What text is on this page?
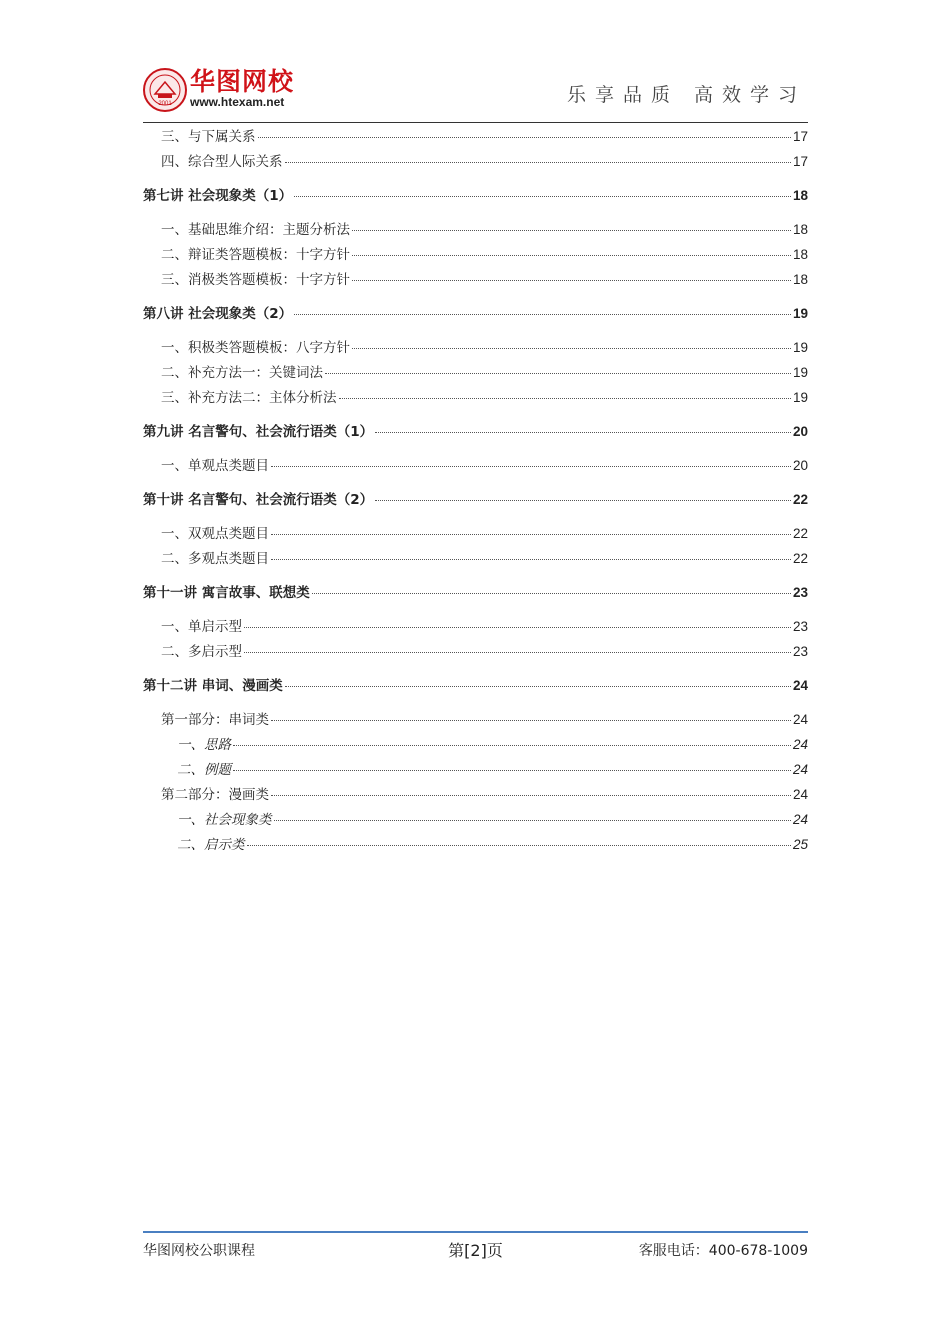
2001
华图网校
www.htexam.net	乐享品质 高效学习
三、与下属关系	17
四、综合型人际关系	17
第七讲 社会现象类（1）	18
一、基础思维介绍：主题分析法	18
二、辩证类答题模板：十字方针	18
三、消极类答题模板：十字方针	18
第八讲 社会现象类（2）	19
一、积极类答题模板：八字方针	19
二、补充方法一：关键词法	19
三、补充方法二：主体分析法	19
第九讲 名言警句、社会流行语类（1）	20
一、单观点类题目	20
第十讲 名言警句、社会流行语类（2）	22
一、双观点类题目	22
二、多观点类题目	22
第十一讲 寓言故事、联想类	23
一、单启示型	23
二、多启示型	23
第十二讲 串词、漫画类	24
第一部分：串词类	24
一、思路	24
二、例题	24
第二部分：漫画类	24
一、社会现象类	24
二、启示类	25
华图网校公职课程	第[2]页	客服电话：400-678-1009
